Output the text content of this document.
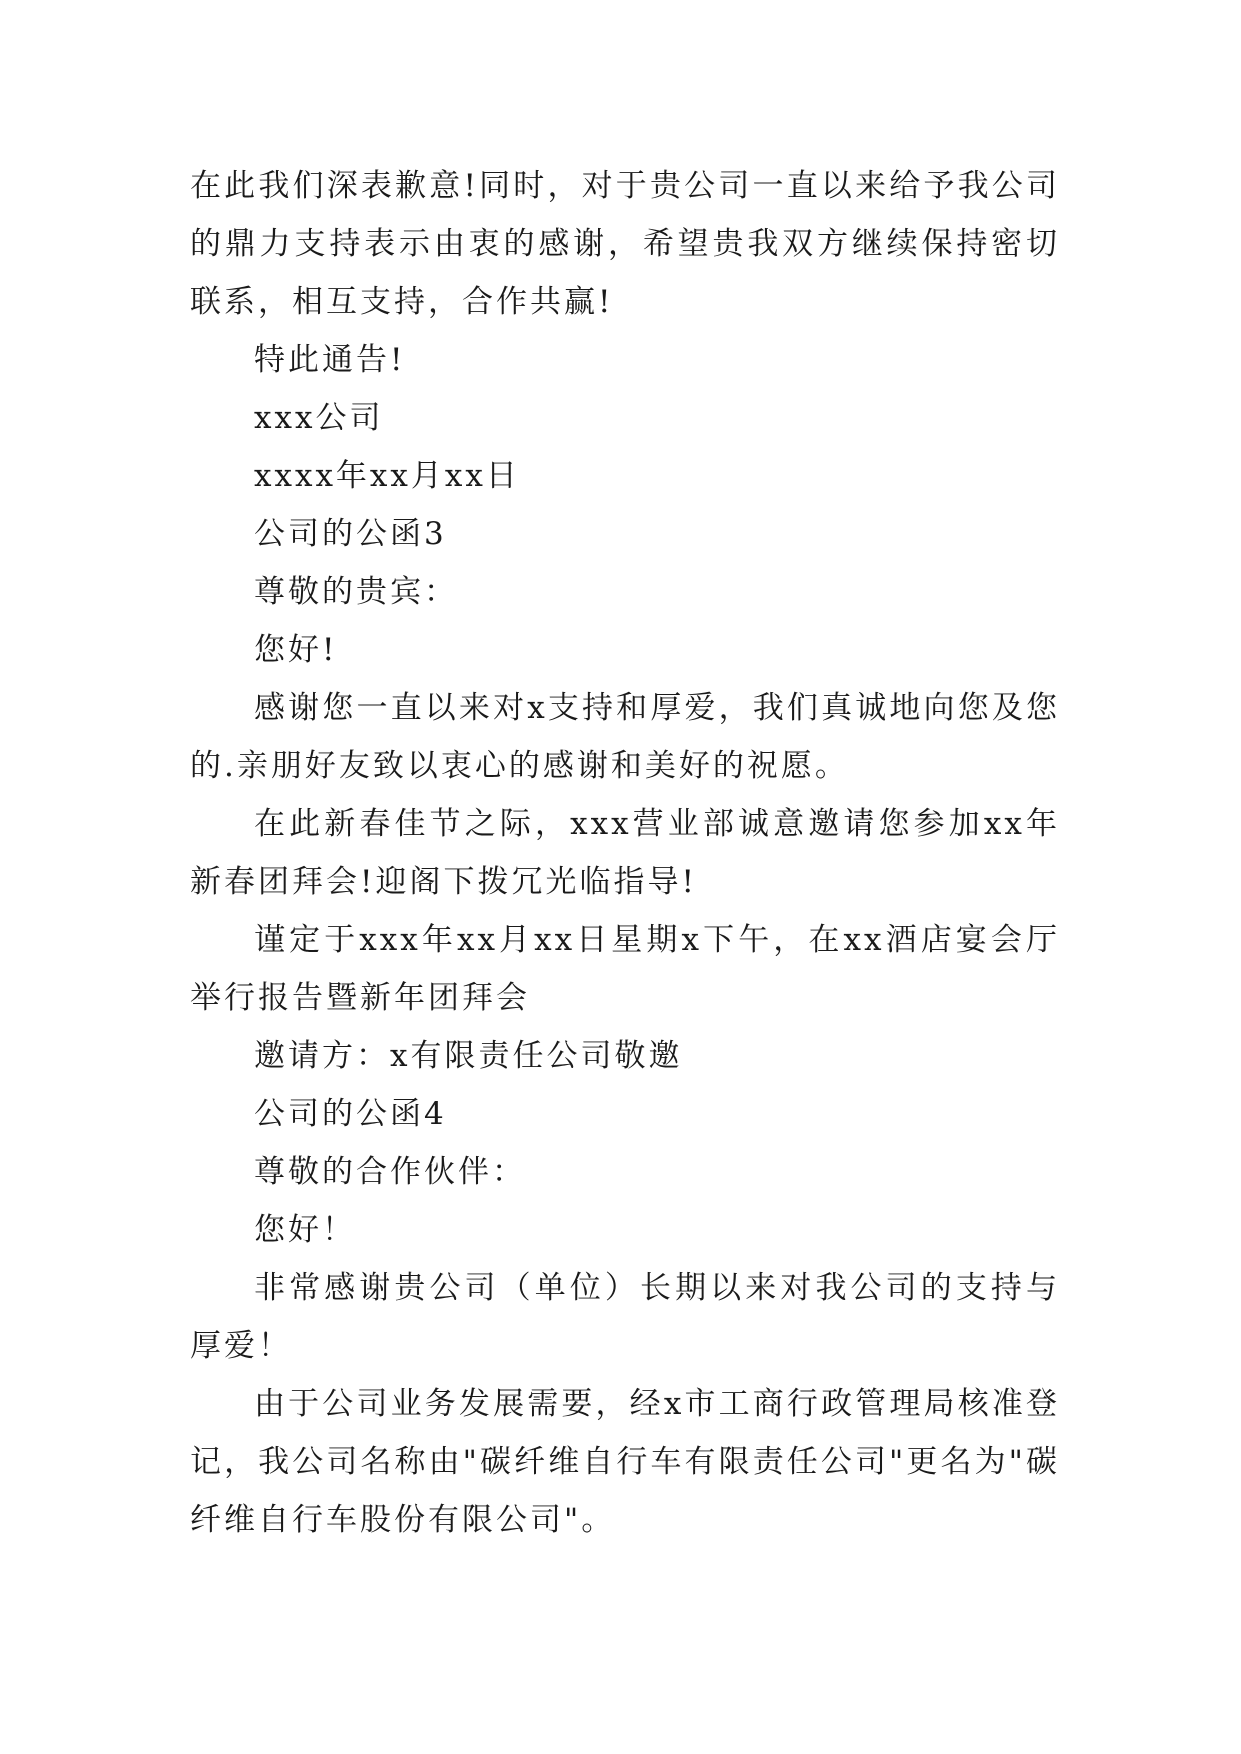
在此我们深表歉意!同时，对于贵公司一直以来给予我公司的鼎力支持表示由衷的感谢，希望贵我双方继续保持密切联系，相互支持，合作共赢!

特此通告!

xxx公司

xxxx年xx月xx日

公司的公函3

尊敬的贵宾：

您好!

感谢您一直以来对x支持和厚爱，我们真诚地向您及您的.亲朋好友致以衷心的感谢和美好的祝愿。

在此新春佳节之际，xxx营业部诚意邀请您参加xx年新春团拜会!迎阁下拨冗光临指导!

谨定于xxx年xx月xx日星期x下午，在xx酒店宴会厅举行报告暨新年团拜会

邀请方：x有限责任公司敬邀

公司的公函4

尊敬的合作伙伴：

您好！

非常感谢贵公司（单位）长期以来对我公司的支持与厚爱！

由于公司业务发展需要，经x市工商行政管理局核准登记，我公司名称由"碳纤维自行车有限责任公司"更名为"碳纤维自行车股份有限公司"。
